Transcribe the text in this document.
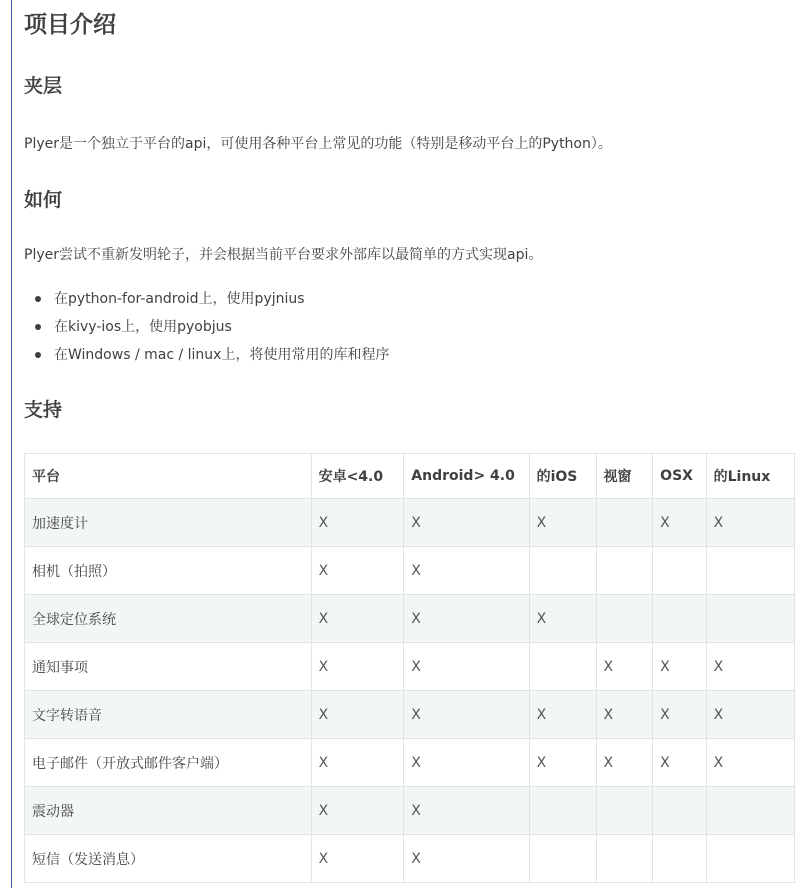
项目介绍
夹层

Plyer是一个独立于平台的api，可使用各种平台上常见的功能（特别是移动平台上的Python）。

如何

Plyer尝试不重新发明轮子，并会根据当前平台要求外部库以最简单的方式实现api。

在python-for-android上，使用pyjnius
在kivy-ios上，使用pyobjus
在Windows / mac / linux上，将使用常用的库和程序
支持
平台	安卓<4.0	Android> 4.0	的iOS	视窗	OSX	的Linux
加速度计	X	X	X		X	X
相机（拍照）	X	X				
全球定位系统	X	X	X			
通知事项	X	X		X	X	X
文字转语音	X	X	X	X	X	X
电子邮件（开放式邮件客户端）	X	X	X	X	X	X
震动器	X	X				
短信（发送消息）	X	X				
